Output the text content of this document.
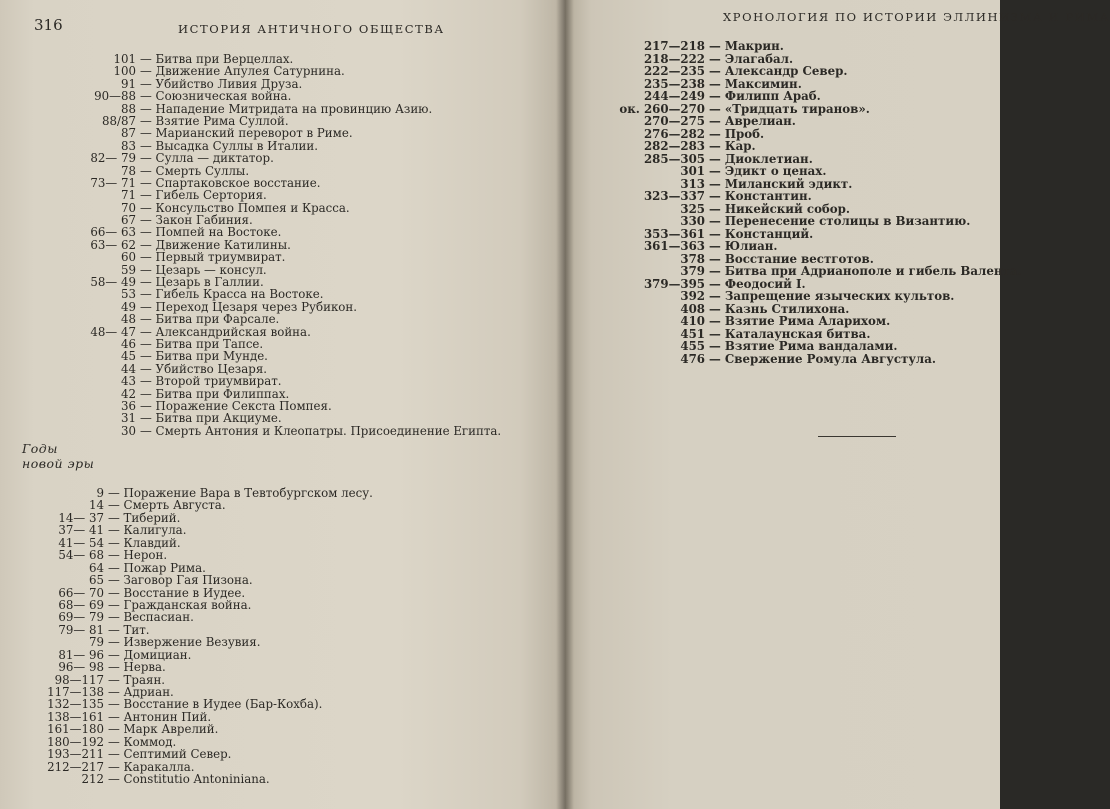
316	ИСТОРИЯ АНТИЧНОГО ОБЩЕСТВА
101 — Битва при Верцеллах.
100 — Движение Апулея Сатурнина.
91 — Убийство Ливия Друза.
90—88 — Союзническая война.
88 — Нападение Митридата на провинцию Азию.
88/87 — Взятие Рима Суллой.
87 — Марианский переворот в Риме.
83 — Высадка Суллы в Италии.
82— 79 — Сулла — диктатор.
78 — Смерть Суллы.
73— 71 — Спартаковское восстание.
71 — Гибель Сертория.
70 — Консульство Помпея и Красса.
67 — Закон Габиния.
66— 63 — Помпей на Востоке.
63— 62 — Движение Катилины.
60 — Первый триумвират.
59 — Цезарь — консул.
58— 49 — Цезарь в Галлии.
53 — Гибель Красса на Востоке.
49 — Переход Цезаря через Рубикон.
48 — Битва при Фарсале.
48— 47 — Александрийская война.
46 — Битва при Тапсе.
45 — Битва при Мунде.
44 — Убийство Цезаря.
43 — Второй триумвират.
42 — Битва при Филиппах.
36 — Поражение Секста Помпея.
31 — Битва при Акциуме.
30 — Смерть Антония и Клеопатры. Присоединение Египта.
Годы
новой эры
9 — Поражение Вара в Тевтобургском лесу.
14 — Смерть Августа.
14— 37 — Тиберий.
37— 41 — Калигула.
41— 54 — Клавдий.
54— 68 — Нерон.
64 — Пожар Рима.
65 — Заговор Гая Пизона.
66— 70 — Восстание в Иудее.
68— 69 — Гражданская война.
69— 79 — Веспасиан.
79— 81 — Тит.
79 — Извержение Везувия.
81— 96 — Домициан.
96— 98 — Нерва.
98—117 — Траян.
117—138 — Адриан.
132—135 — Восстание в Иудее (Бар-Кохба).
138—161 — Антонин Пий.
161—180 — Марк Аврелий.
180—192 — Коммод.
193—211 — Септимий Север.
212—217 — Каракалла.
212 — Constitutio Antoniniana.
ХРОНОЛОГИЯ ПО ИСТОРИИ ЭЛЛИНИЗМА И РИМА
217—218 — Макрин.
218—222 — Элагабал.
222—235 — Александр Север.
235—238 — Максимин.
244—249 — Филипп Араб.
ок. 260—270 — «Тридцать тиранов».
270—275 — Аврелиан.
276—282 — Проб.
282—283 — Кар.
285—305 — Диоклетиан.
301 — Эдикт о ценах.
313 — Миланский эдикт.
323—337 — Константин.
325 — Никейский собор.
330 — Перенесение столицы в Византию.
353—361 — Констанций.
361—363 — Юлиан.
378 — Восстание вестготов.
379 — Битва при Адрианополе и гибель Валента.
379—395 — Феодосий I.
392 — Запрещение языческих культов.
408 — Казнь Стилихона.
410 — Взятие Рима Аларихом.
451 — Каталаунская битва.
455 — Взятие Рима вандалами.
476 — Свержение Ромула Августула.
